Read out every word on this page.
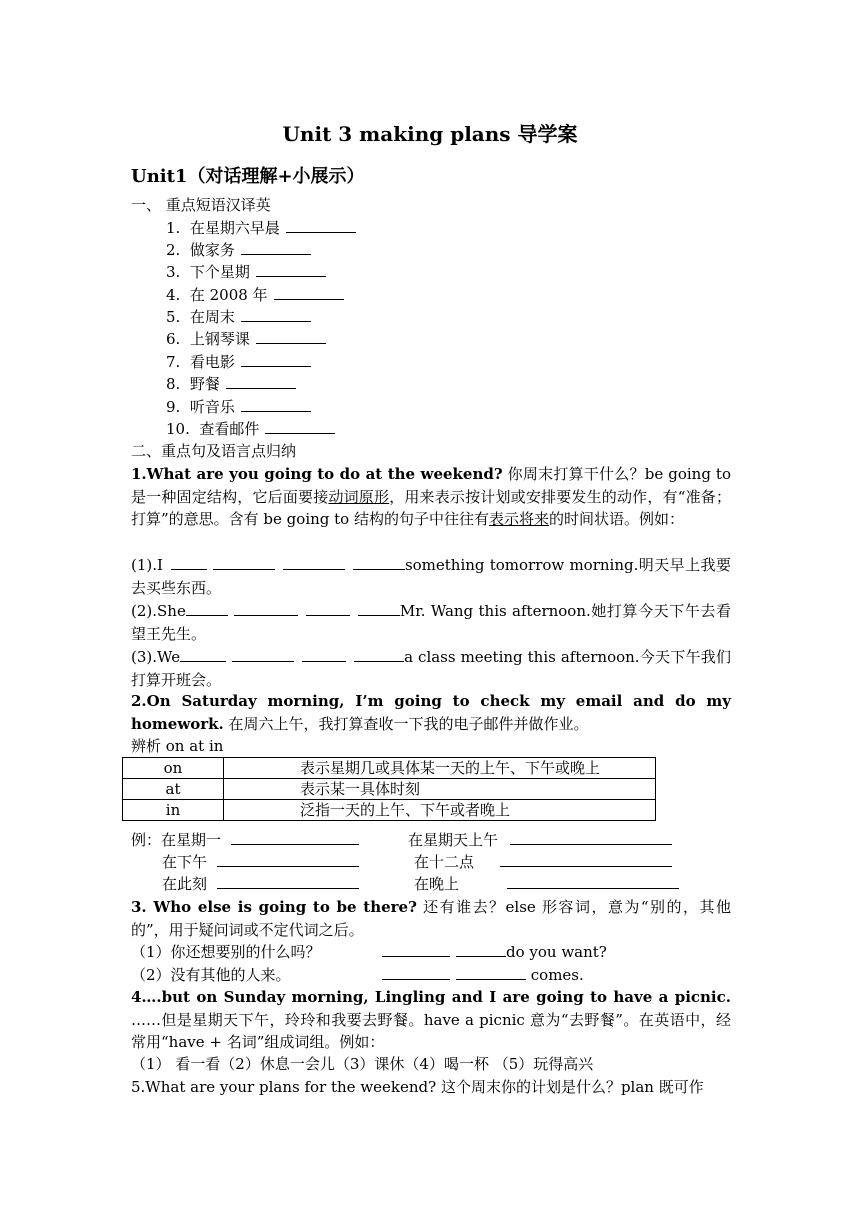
Unit 3 making plans 导学案
Unit1（对话理解+小展示）
一、 重点短语汉译英
1. 在星期六早晨
2. 做家务
3. 下个星期
4. 在 2008 年
5. 在周末
6. 上钢琴课
7. 看电影
8. 野餐
9. 听音乐
10. 查看邮件
二、重点句及语言点归纳
1.What are you going to do at the weekend? 你周末打算干什么？be going to 是一种固定结构，它后面要接动词原形，用来表示按计划或安排要发生的动作，有“准备；打算”的意思。含有 be going to 结构的句子中往往有表示将来的时间状语。例如：
(1).I	something tomorrow morning.明天早上我要去买些东西。
(2).She	Mr. Wang this afternoon.她打算今天下午去看望王先生。
(3).We	a class meeting this afternoon.今天下午我们打算开班会。
2.On Saturday morning, I’m going to check my email and do my homework. 在周六上午，我打算查收一下我的电子邮件并做作业。
辨析 on at in
on	表示星期几或具体某一天的上午、下午或晚上
at	表示某一具体时刻
in	泛指一天的上午、下午或者晚上
例：在星期一	在星期天上午
在下午	在十二点
在此刻	在晚上
3. Who else is going to be there? 还有谁去？else 形容词，意为“别的，其他的”，用于疑问词或不定代词之后。
（1）你还想要别的什么吗？	do you want?
（2）没有其他的人来。	comes.
4….but on Sunday morning, Lingling and I are going to have a picnic. ……但是星期天下午，玲玲和我要去野餐。have a picnic 意为“去野餐”。在英语中，经常用“have + 名词”组成词组。例如：
（1） 看一看（2）休息一会儿（3）课休（4）喝一杯 （5）玩得高兴
5.What are your plans for the weekend? 这个周末你的计划是什么？plan 既可作
